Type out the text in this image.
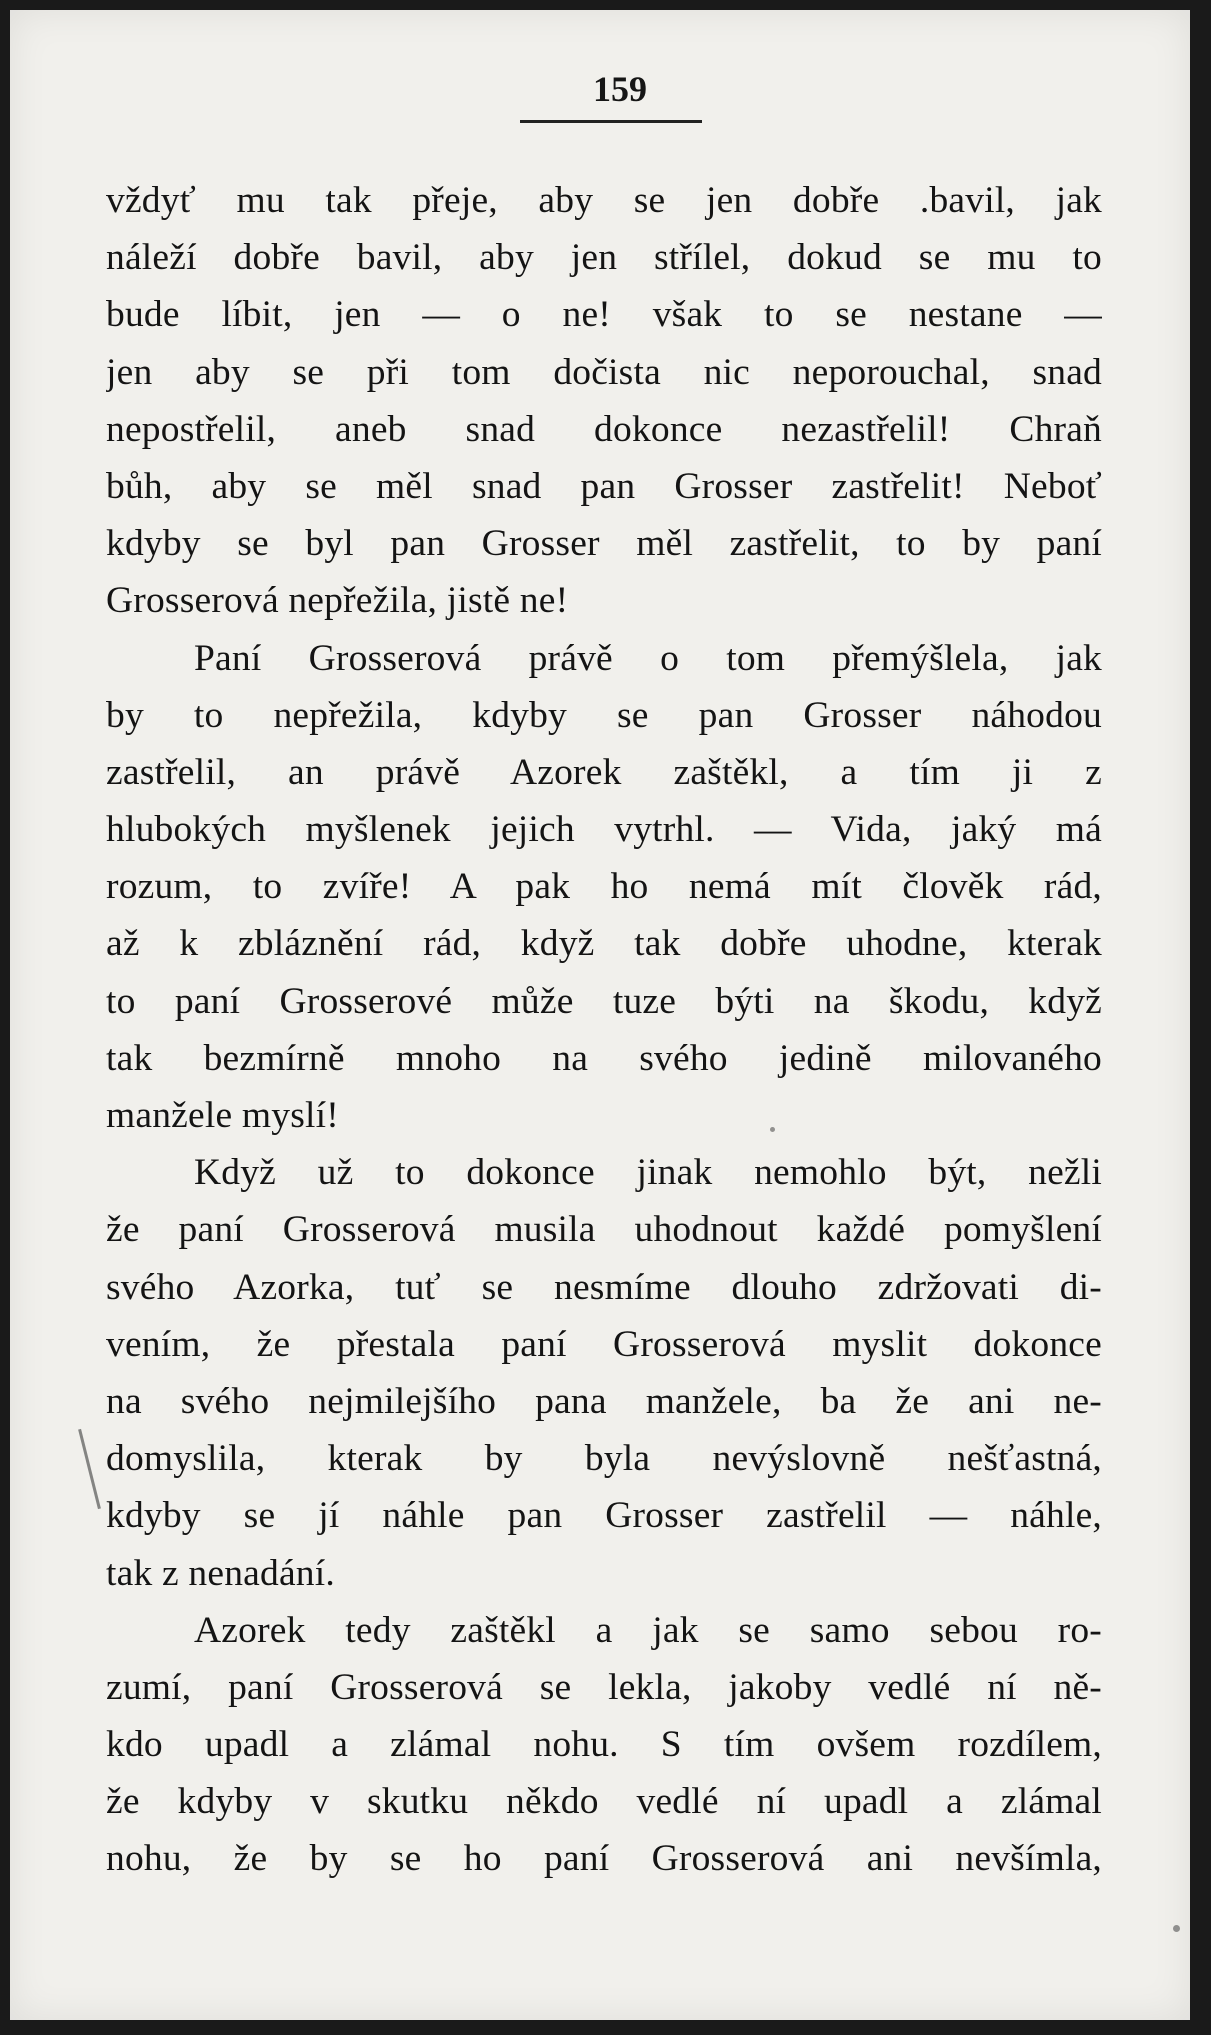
159
vždyť mu tak přeje, aby se jen dobře .bavil, jak
náleží dobře bavil, aby jen střílel, dokud se mu to
bude líbit, jen — o ne! však to se nestane —
jen aby se při tom dočista nic neporouchal, snad
nepostřelil, aneb snad dokonce nezastřelil! Chraň
bůh, aby se měl snad pan Grosser zastřelit! Neboť
kdyby se byl pan Grosser měl zastřelit, to by paní
Grosserová nepřežila, jistě ne!
Paní Grosserová právě o tom přemýšlela, jak
by to nepřežila, kdyby se pan Grosser náhodou
zastřelil, an právě Azorek zaštěkl, a tím ji z
hlubokých myšlenek jejich vytrhl. — Vida, jaký má
rozum, to zvíře! A pak ho nemá mít člověk rád,
až k zbláznění rád, když tak dobře uhodne, kterak
to paní Grosserové může tuze býti na škodu, když
tak bezmírně mnoho na svého jedině milovaného
manžele myslí!
Když už to dokonce jinak nemohlo být, nežli
že paní Grosserová musila uhodnout každé pomyšlení
svého Azorka, tuť se nesmíme dlouho zdržovati di-
vením, že přestala paní Grosserová myslit dokonce
na svého nejmilejšího pana manžele, ba že ani ne-
domyslila, kterak by byla nevýslovně nešťastná,
kdyby se jí náhle pan Grosser zastřelil — náhle,
tak z nenadání.
Azorek tedy zaštěkl a jak se samo sebou ro-
zumí, paní Grosserová se lekla, jakoby vedlé ní ně-
kdo upadl a zlámal nohu. S tím ovšem rozdílem,
že kdyby v skutku někdo vedlé ní upadl a zlámal
nohu, že by se ho paní Grosserová ani nevšímla,
